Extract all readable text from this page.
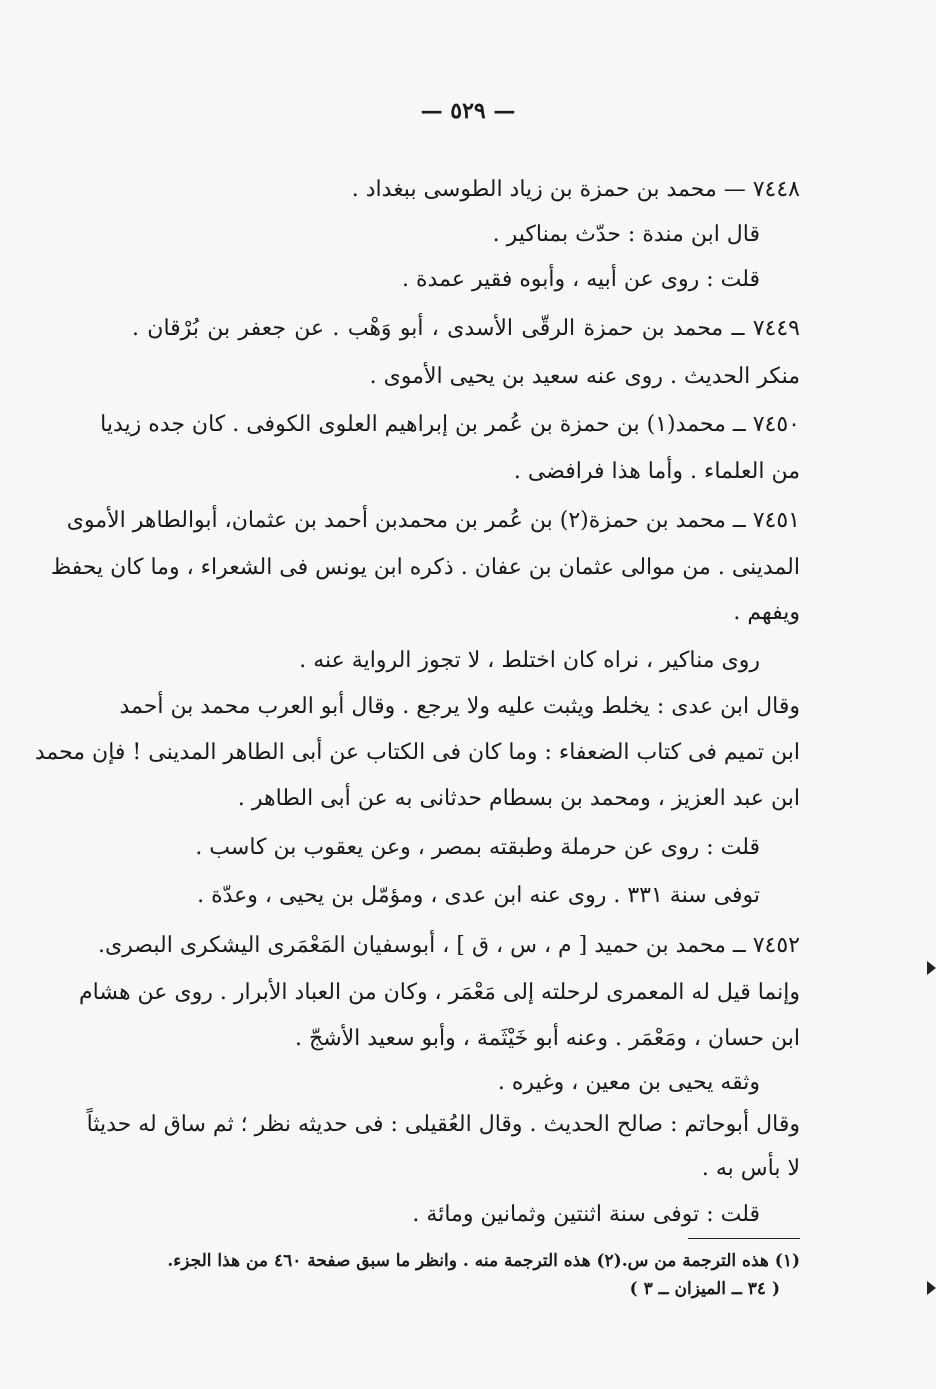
— ٥٢٩ —
٧٤٤٨ — محمد بن حمزة بن زياد الطوسى ببغداد .
قال ابن مندة : حدّث بمناكير .
قلت : روى عن أبيه ، وأبوه فقير عمدة .
٧٤٤٩ ــ محمد بن حمزة الرقّى الأسدى ، أبو وَهْب . عن جعفر بن بُرْقان .
منكر الحديث . روى عنه سعيد بن يحيى الأموى .
٧٤٥٠ ــ محمد(١) بن حمزة بن عُمر بن إبراهيم العلوى الكوفى . كان جده زيديا
من العلماء . وأما هذا فرافضى .
٧٤٥١ ــ محمد بن حمزة(٢) بن عُمر بن محمدبن أحمد بن عثمان، أبوالطاهر الأموى
المدينى . من موالى عثمان بن عفان . ذكره ابن يونس فى الشعراء ، وما كان يحفظ
ويفهم .
روى مناكير ، نراه كان اختلط ، لا تجوز الرواية عنه .
وقال ابن عدى : يخلط ويثبت عليه ولا يرجع . وقال أبو العرب محمد بن أحمد
ابن تميم فى كتاب الضعفاء : وما كان فى الكتاب عن أبى الطاهر المدينى ! فإن محمد
ابن عبد العزيز ، ومحمد بن بسطام حدثانى به عن أبى الطاهر .
قلت : روى عن حرملة وطبقته بمصر ، وعن يعقوب بن كاسب .
توفى سنة ٣٣١ . روى عنه ابن عدى ، ومؤمّل بن يحيى ، وعدّة .
٧٤٥٢ ــ محمد بن حميد [ م ، س ، ق ] ، أبوسفيان المَعْمَرى اليشكرى البصرى.
وإنما قيل له المعمرى لرحلته إلى مَعْمَر ، وكان من العباد الأبرار . روى عن هشام
ابن حسان ، ومَعْمَر . وعنه أبو خَيْثَمة ، وأبو سعيد الأشجّ .
وثقه يحيى بن معين ، وغيره .
وقال أبوحاتم : صالح الحديث . وقال العُقيلى : فى حديثه نظر ؛ ثم ساق له حديثاً
لا بأس به .
قلت : توفى سنة اثنتين وثمانين ومائة .
(١) هذه الترجمة من س.(٢) هذه الترجمة منه . وانظر ما سبق صفحة ٤٦٠ من هذا الجزء.
( ٣٤ ــ الميزان ــ ٣ )
